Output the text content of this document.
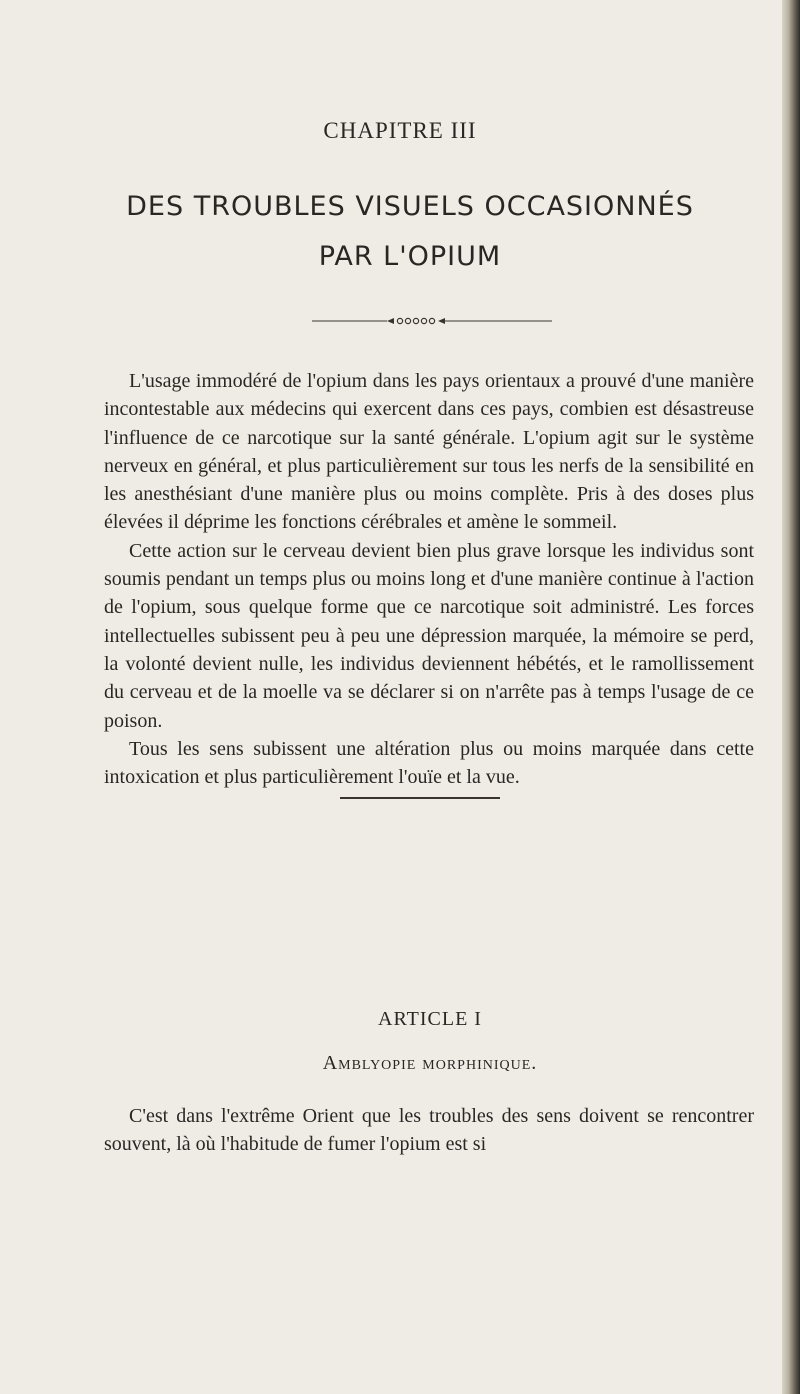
CHAPITRE III
DES TROUBLES VISUELS OCCASIONNÉS
PAR L'OPIUM

L'usage immodéré de l'opium dans les pays orientaux a prouvé d'une manière incontestable aux médecins qui exercent dans ces pays, combien est désastreuse l'influence de ce narcotique sur la santé générale. L'opium agit sur le système nerveux en général, et plus particulièrement sur tous les nerfs de la sensibilité en les anesthésiant d'une manière plus ou moins complète. Pris à des doses plus élevées il déprime les fonctions cérébrales et amène le sommeil.

Cette action sur le cerveau devient bien plus grave lorsque les individus sont soumis pendant un temps plus ou moins long et d'une manière continue à l'action de l'opium, sous quelque forme que ce narcotique soit administré. Les forces intellectuelles subissent peu à peu une dépression marquée, la mémoire se perd, la volonté devient nulle, les individus deviennent hébétés, et le ramollissement du cerveau et de la moelle va se déclarer si on n'arrête pas à temps l'usage de ce poison.

Tous les sens subissent une altération plus ou moins marquée dans cette intoxication et plus particulièrement l'ouïe et la vue.

ARTICLE I
Amblyopie morphinique.

C'est dans l'extrême Orient que les troubles des sens doivent se rencontrer souvent, là où l'habitude de fumer l'opium est si
